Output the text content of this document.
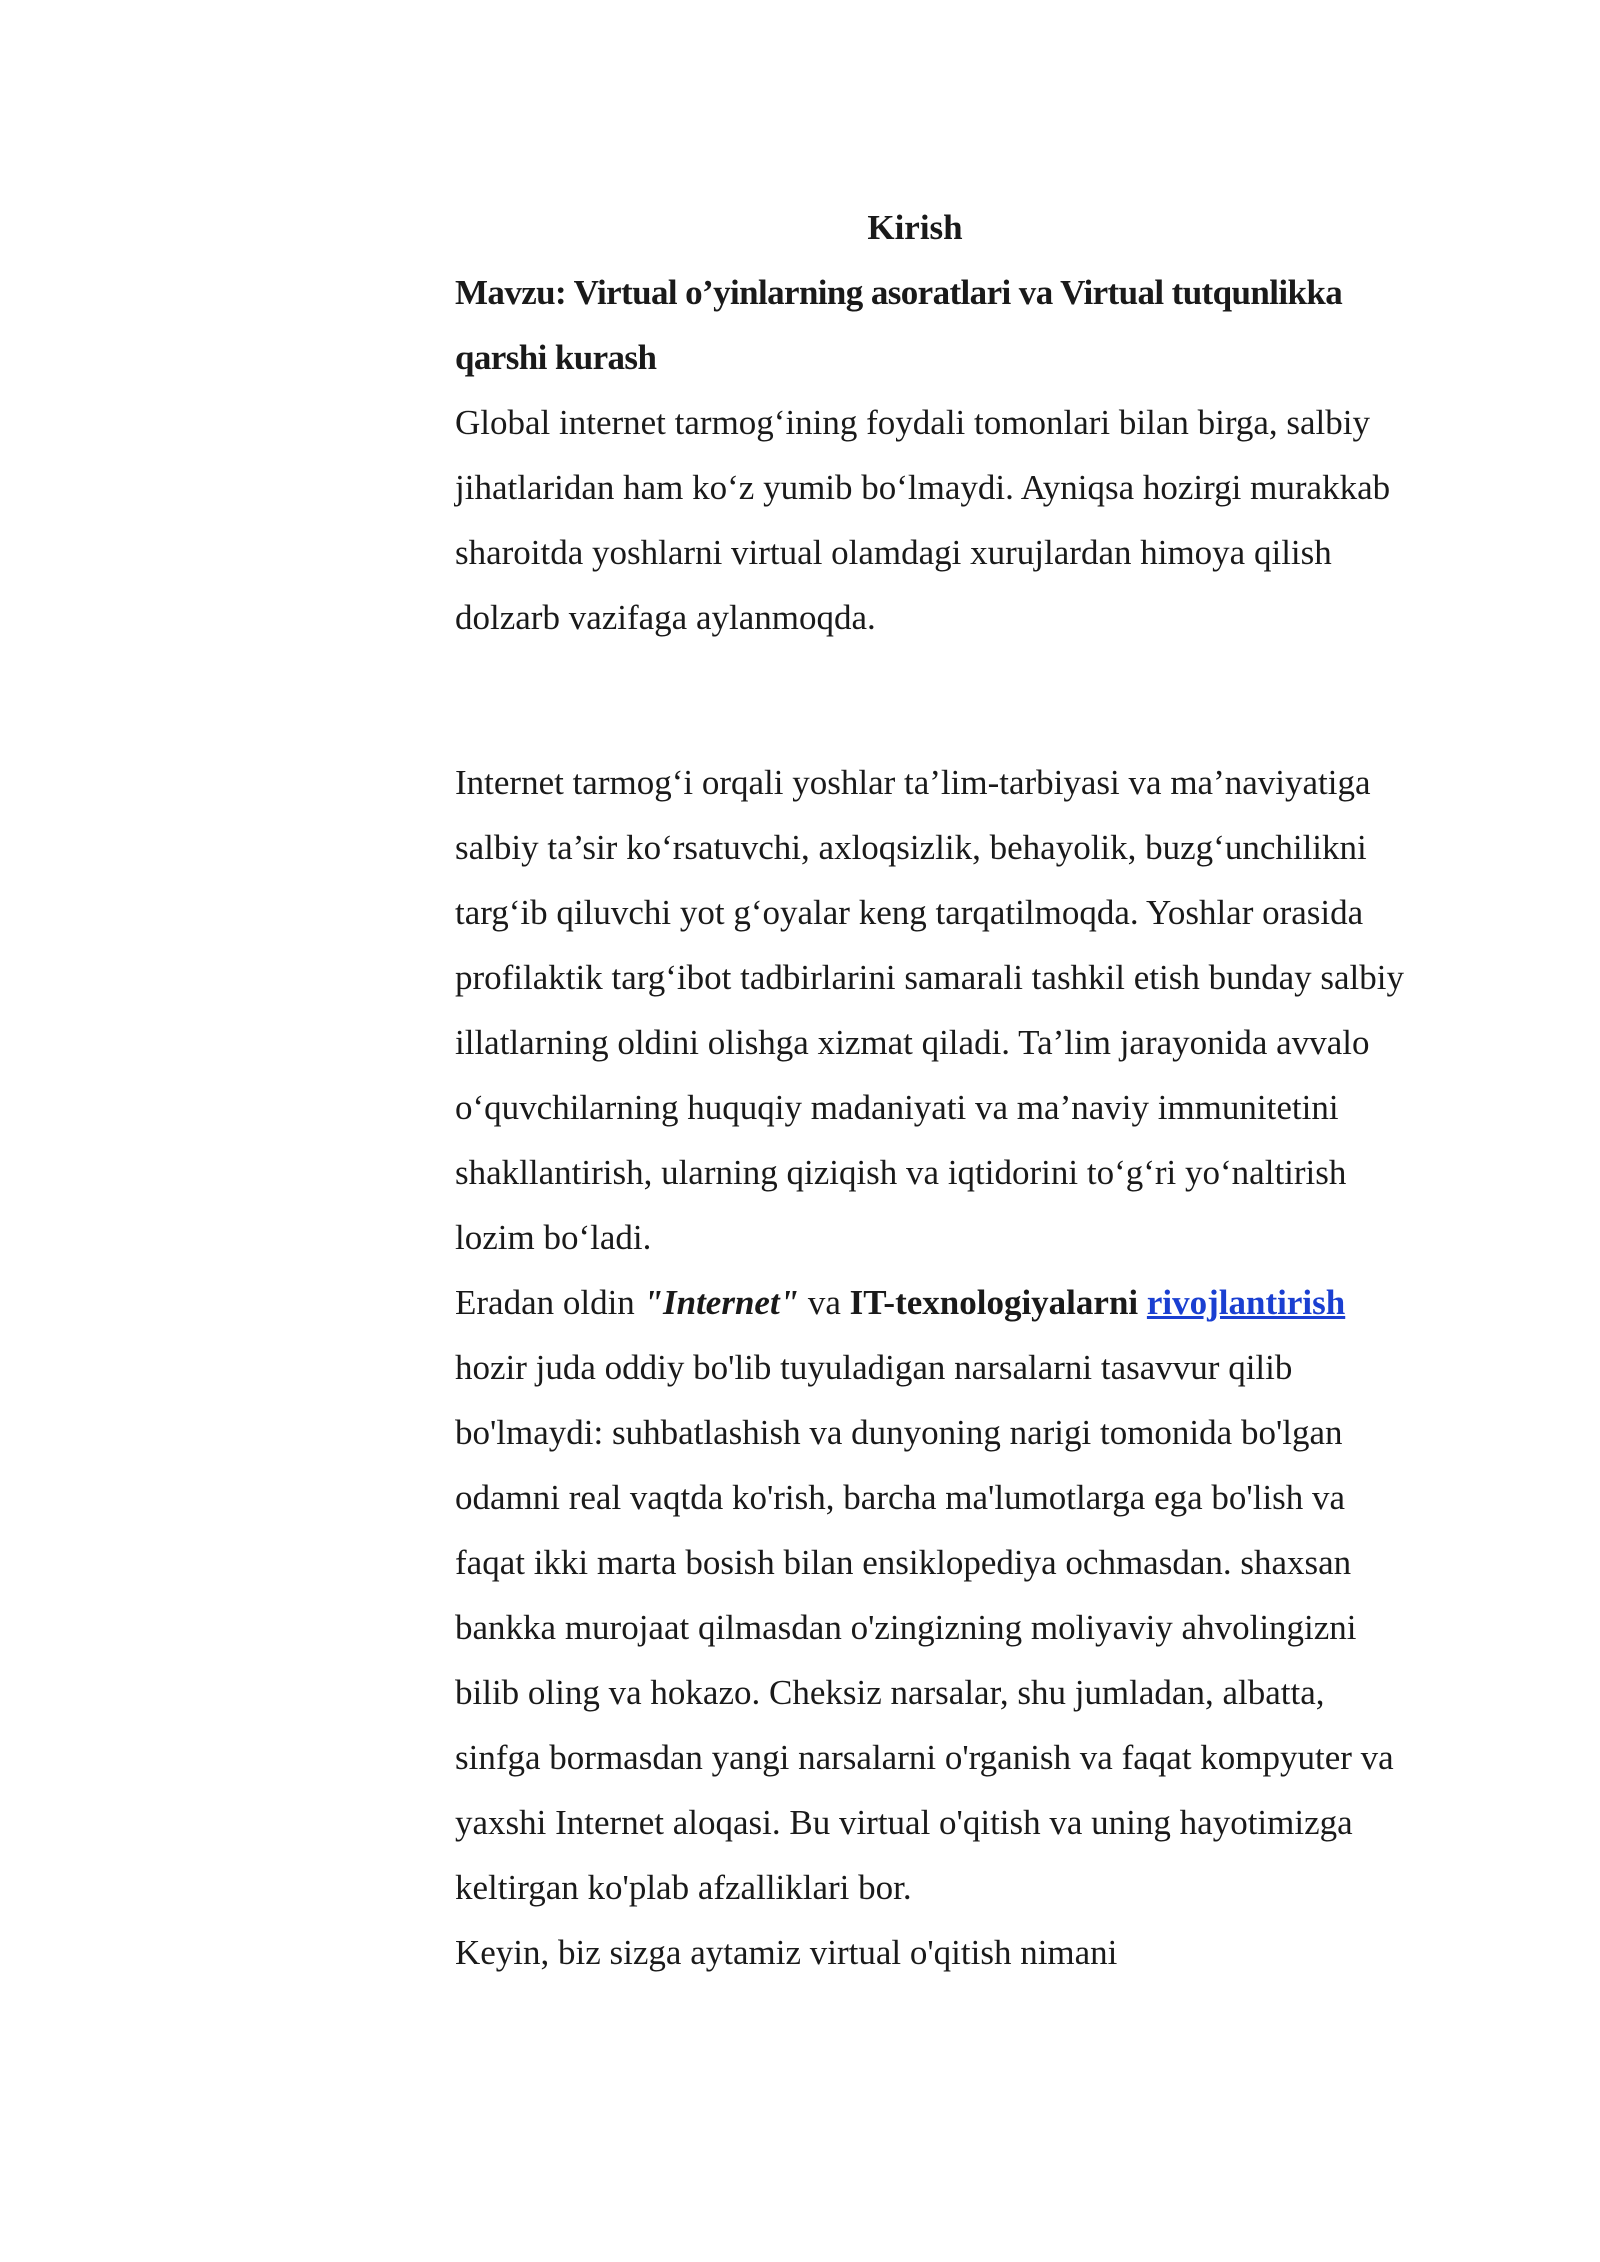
Kirish
Mavzu: Virtual o’yinlarning asoratlari va Virtual tutqunlikka qarshi kurash

Global internet tarmog‘ining foydali tomonlari bilan birga, salbiy jihatlaridan ham ko‘z yumib bo‘lmaydi. Ayniqsa hozirgi murakkab sharoitda yoshlarni virtual olamdagi xurujlardan himoya qilish dolzarb vazifaga aylanmoqda.

Internet tarmog‘i orqali yoshlar ta’lim-tarbiyasi va ma’naviyatiga salbiy ta’sir ko‘rsatuvchi, axloqsizlik, behayolik, buzg‘unchilikni targ‘ib qiluvchi yot g‘oyalar keng tarqatilmoqda. Yoshlar orasida profilaktik targ‘ibot tadbirlarini samarali tashkil etish bunday salbiy illatlarning oldini olishga xizmat qiladi. Ta’lim jarayonida avvalo o‘quvchilarning huquqiy madaniyati va ma’naviy immunitetini shakllantirish, ularning qiziqish va iqtidorini to‘g‘ri yo‘naltirish lozim bo‘ladi.

Eradan oldin "Internet" va IT-texnologiyalarni rivojlantirish hozir juda oddiy bo'lib tuyuladigan narsalarni tasavvur qilib bo'lmaydi: suhbatlashish va dunyoning narigi tomonida bo'lgan odamni real vaqtda ko'rish, barcha ma'lumotlarga ega bo'lish va faqat ikki marta bosish bilan ensiklopediya ochmasdan. shaxsan bankka murojaat qilmasdan o'zingizning moliyaviy ahvolingizni bilib oling va hokazo. Cheksiz narsalar, shu jumladan, albatta, sinfga bormasdan yangi narsalarni o'rganish va faqat kompyuter va yaxshi Internet aloqasi. Bu virtual o'qitish va uning hayotimizga keltirgan ko'plab afzalliklari bor.

Keyin, biz sizga aytamiz virtual o'qitish nimani
